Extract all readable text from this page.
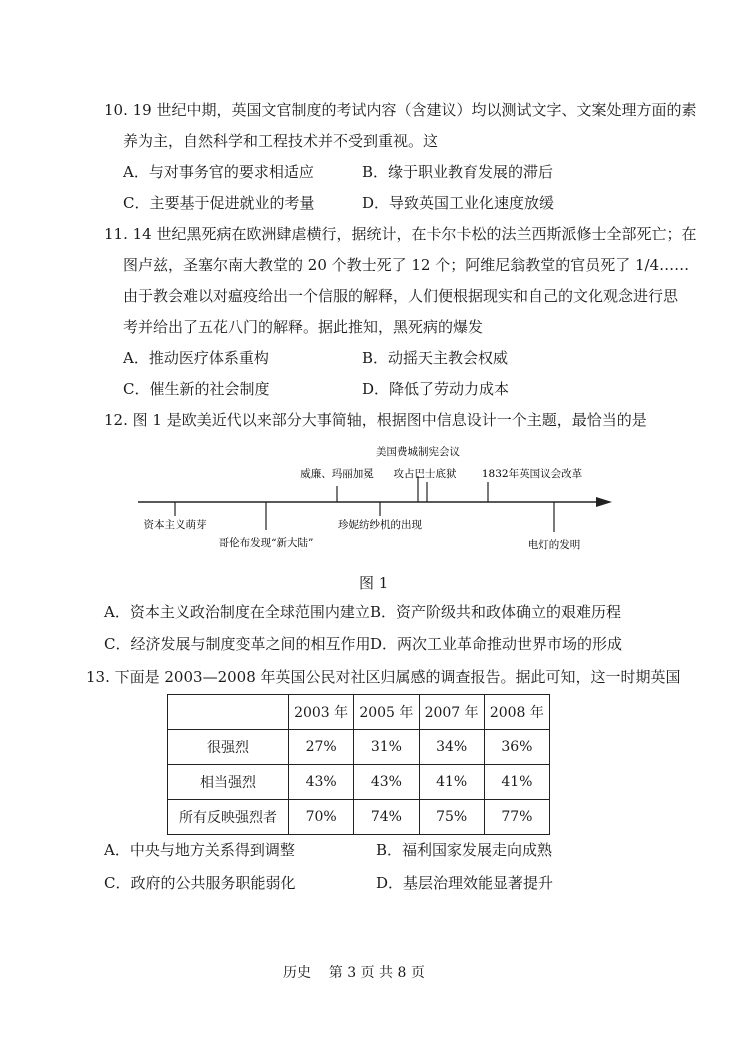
10. 19 世纪中期，英国文官制度的考试内容（含建议）均以测试文字、文案处理方面的素
养为主，自然科学和工程技术并不受到重视。这
A．与对事务官的要求相适应	B．缘于职业教育发展的滞后
C．主要基于促进就业的考量	D．导致英国工业化速度放缓
11. 14 世纪黑死病在欧洲肆虐横行，据统计，在卡尔卡松的法兰西斯派修士全部死亡；在
图卢兹，圣塞尔南大教堂的 20 个教士死了 12 个；阿维尼翁教堂的官员死了 1/4……
由于教会难以对瘟疫给出一个信服的解释，人们便根据现实和自己的文化观念进行思
考并给出了五花八门的解释。据此推知，黑死病的爆发
A．推动医疗体系重构	B．动摇天主教会权威
C．催生新的社会制度	D．降低了劳动力成本
12. 图 1 是欧美近代以来部分大事简轴，根据图中信息设计一个主题，最恰当的是
美国费城制宪会议
威廉、玛丽加冕 攻占巴士底狱 1832年英国议会改革
资本主义萌芽
哥伦布发现“新大陆”
珍妮纺纱机的出现
电灯的发明
图 1
A．资本主义政治制度在全球范围内建立 B．资产阶级共和政体确立的艰难历程
C．经济发展与制度变革之间的相互作用 D．两次工业革命推动世界市场的形成
13. 下面是 2003—2008 年英国公民对社区归属感的调查报告。据此可知，这一时期英国
	2003 年	2005 年	2007 年	2008 年
很强烈	27%	31%	34%	36%
相当强烈	43%	43%	41%	41%
所有反映强烈者	70%	74%	75%	77%
A．中央与地方关系得到调整	B．福利国家发展走向成熟
C．政府的公共服务职能弱化	D．基层治理效能显著提升
历史    第 3 页 共 8 页
